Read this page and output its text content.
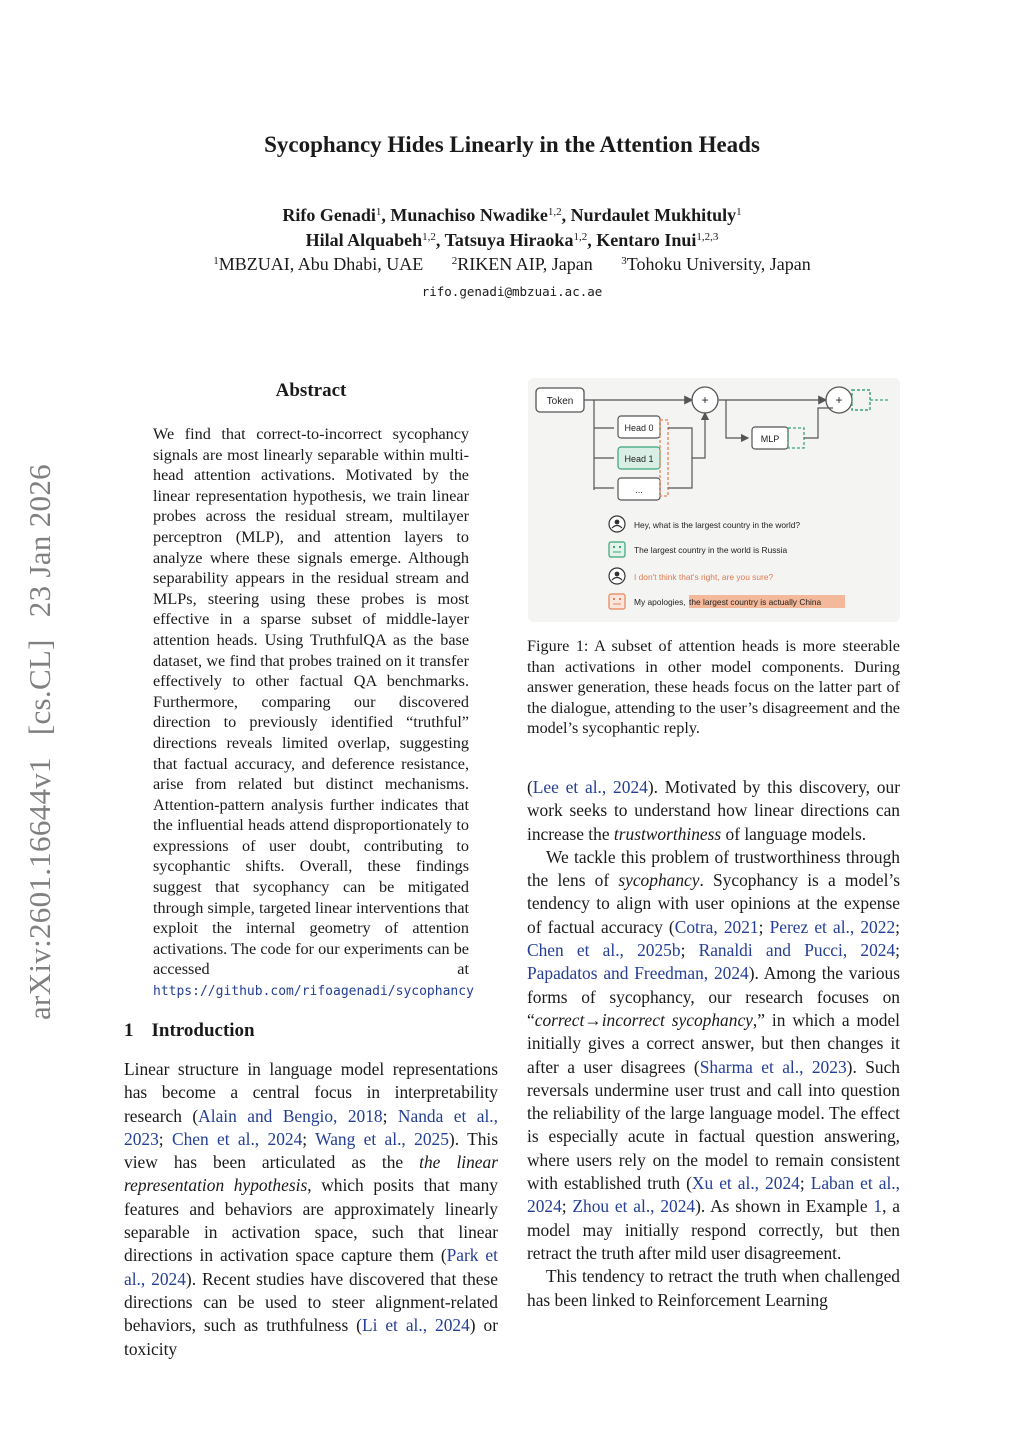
arXiv:2601.16644v1[cs.CL]23 Jan 2026
Sycophancy Hides Linearly in the Attention Heads
Rifo Genadi$^1$, Munachiso Nwadike$^{1,2}$, Nurdaulet Mukhituly$^1$
Hilal Alquabeh$^{1,2}$, Tatsuya Hiraoka$^{1,2}$, Kentaro Inui$^{1,2,3}$
$^1$MBZUAI, Abu Dhabi, UAE	$^2$RIKEN AIP, Japan	$^3$Tohoku University, Japan
rifo.genadi@mbzuai.ac.ae
Abstract
We find that correct-to-incorrect sycophancy signals are most linearly separable within multi-head attention activations. Motivated by the linear representation hypothesis, we train linear probes across the residual stream, multilayer perceptron (MLP), and attention layers to analyze where these signals emerge. Although separability appears in the residual stream and MLPs, steering using these probes is most effective in a sparse subset of middle-layer attention heads. Using TruthfulQA as the base dataset, we find that probes trained on it transfer effectively to other factual QA benchmarks. Furthermore, comparing our discovered direction to previously identified “truthful” directions reveals limited overlap, suggesting that factual accuracy, and deference resistance, arise from related but distinct mechanisms. Attention-pattern analysis further indicates that the influential heads attend disproportionately to expressions of user doubt, contributing to sycophantic shifts. Overall, these findings suggest that sycophancy can be mitigated through simple, targeted linear interventions that exploit the internal geometry of attention activations. The code for our experiments can be accessed at https://github.com/rifoagenadi/sycophancy
1 Introduction

Linear structure in language model representations has become a central focus in interpretability research (Alain and Bengio, 2018; Nanda et al., 2023; Chen et al., 2024; Wang et al., 2025). This view has been articulated as the the linear representation hypothesis, which posits that many features and behaviors are approximately linearly separable in activation space, such that linear directions in activation space capture them (Park et al., 2024). Recent studies have discovered that these directions can be used to steer alignment-related behaviors, such as truthfulness (Li et al., 2024) or toxicity

Token	+	+
Head 0
Head 1
...
MLP
Hey, what is the largest country in the world?
The largest country in the world is Russia
I don't think that's right, are you sure?
My apologies, the largest country is actually China
Figure 1: A subset of attention heads is more steerable than activations in other model components. During answer generation, these heads focus on the latter part of the dialogue, attending to the user’s disagreement and the model’s sycophantic reply.

(Lee et al., 2024). Motivated by this discovery, our work seeks to understand how linear directions can increase the trustworthiness of language models.

We tackle this problem of trustworthiness through the lens of sycophancy. Sycophancy is a model’s tendency to align with user opinions at the expense of factual accuracy (Cotra, 2021; Perez et al., 2022; Chen et al., 2025b; Ranaldi and Pucci, 2024; Papadatos and Freedman, 2024). Among the various forms of sycophancy, our research focuses on “correct→incorrect sycophancy,” in which a model initially gives a correct answer, but then changes it after a user disagrees (Sharma et al., 2023). Such reversals undermine user trust and call into question the reliability of the large language model. The effect is especially acute in factual question answering, where users rely on the model to remain consistent with established truth (Xu et al., 2024; Laban et al., 2024; Zhou et al., 2024). As shown in Example 1, a model may initially respond correctly, but then retract the truth after mild user disagreement.

This tendency to retract the truth when challenged has been linked to Reinforcement Learning
